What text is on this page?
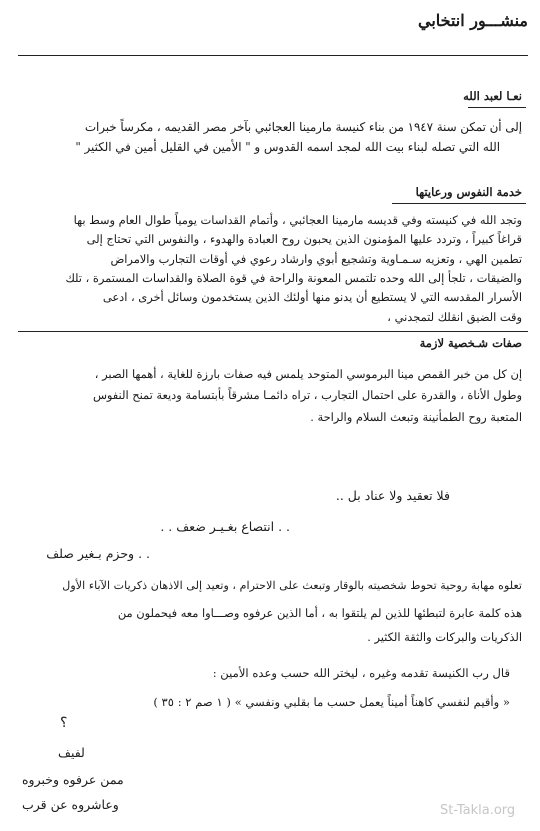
منشـــور انتخابي
نعـا لعبد الله
إلى أن تمكن سنة ١٩٤٧ من بناء كنيسة مارمينا العجائبي بآخر مصر القديمه ، مكرساً خبرات
الله التي تصله لبناء بيت الله لمجد اسمه القدوس و " الأمين في القليل أمين في الكثير "
خدمة النفوس ورعايتها
وتجد الله في كنيسته وفي قديسه مارمينا العجائبي ، وأتمام القداسات يومياً طوال العام وسط بها
قراغاً كبيراً ، وتردد عليها المؤمنون الذين يحبون روح العبادة والهدوء ، والنفوس التي تحتاج إلى
تطمين الهي ، وتعزيه سـمـاوية وتشجيع أبوي وارشاد رعوي في أوقات التجارب والامراض
والضيقات ، تلجأ إلى الله وحده تلتمس المعونة والراحة في قوة الصلاة والقداسات المستمرة ، تلك
الأسرار المقدسه التي لا يستطيع أن يدنو منها أولئك الذين يستخدمون وسائل أخرى ، ادعى
وقت الضيق انقلك لتمجدني ،
صفات شـخصية لازمة
إن كل من خبر القمص مينا البرموسي المتوحد يلمس فيه صفات بارزة للغاية ، أهمها الصبر ،
وطول الأناة ، والقدرة على احتمال التجارب ، تراه دائمـا مشرقاً بأبتسامة وديعة تمنح النفوس
المتعبة روح الطمأنينة وتبعث السلام والراحة .
فلا تعقيد ولا عناد بل ..
. . انتصاع بغـيـر ضعف . .
. . وحزم بـغير صلف
تعلوه مهابة روحية تحوط شخصيته بالوقار وتبعث على الاحترام ، وتعيد إلى الاذهان ذكريات الآباء الأول
هذه كلمة عابرة لتبطئها للذين لم يلتقوا به ، أما الذين عرفوه وصـــاوا معه فيحملون من
الذكريات والبركات والثقة الكثير .
قال رب الكنيسة تقدمه وغيره ، ليختر الله حسب وعده الأمين :
« وأقيم لنفسي كاهناً أميناً يعمل حسب ما بقلبي ونفسي » ( ١ صم ٢ : ٣٥ )
؟
لفيف
ممن عرفوه وخبروه
وعاشروه عن قرب	St-Takla.org
